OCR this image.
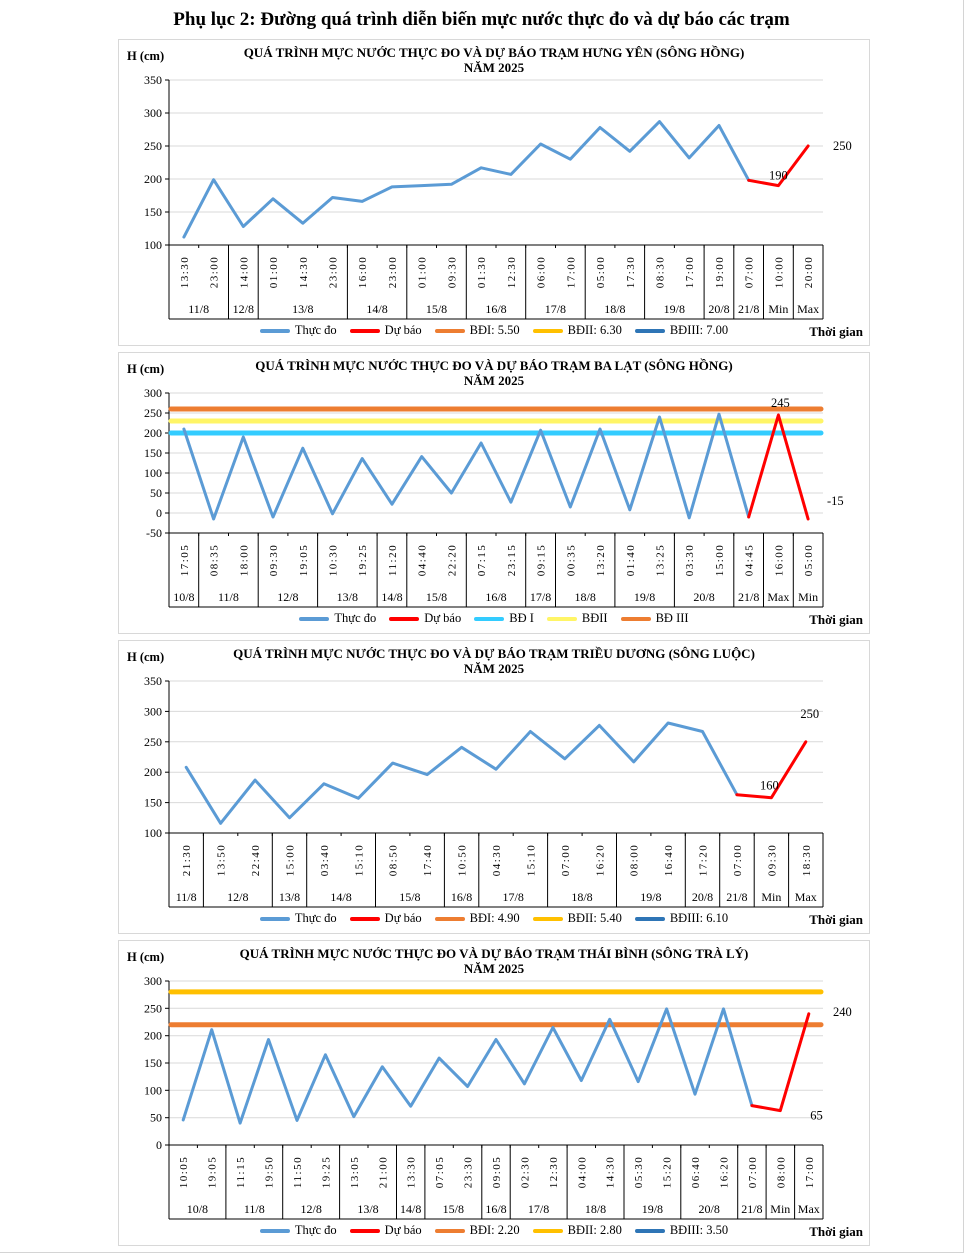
Phụ lục 2: Đường quá trình diễn biến mực nước thực đo và dự báo các trạm
H (cm)	QUÁ TRÌNH MỰC NƯỚC THỰC ĐO VÀ DỰ BÁO TRẠM HƯNG YÊN (SÔNG HỒNG)
NĂM 2025
100
150
200
250
300
350
11/8
13:30 23:00
12/8
14:00
13/8
01:00 14:30 23:00
14/8
16:00 23:00
15/8
01:00 09:30
16/8
01:30 12:30
17/8
06:00 17:00
18/8
05:00 17:30
19/8
08:30 17:00
20/8
19:00
21/8
07:00
Min
10:00
Max
20:00
190
250
Thực đo	Dự báo	BĐI: 5.50	BĐII: 6.30	BĐIII: 7.00	Thời gian
H (cm)	QUÁ TRÌNH MỰC NƯỚC THỰC ĐO VÀ DỰ BÁO TRẠM BA LẠT (SÔNG HỒNG)
NĂM 2025
-50
0
50
100
150
200
250
300
10/8
17:05
11/8
08:35 18:00
12/8
09:30 19:05
13/8
10:30 19:25
14/8
11:20
15/8
04:40 22:20
16/8
07:15 23:15
17/8
09:15
18/8
00:35 13:20
19/8
01:40 13:25
20/8
03:30 15:00
21/8
04:45
Max
16:00
Min
05:00
245
-15
Thực đo	Dự báo	BĐ I	BĐII	BĐ III	Thời gian
H (cm)	QUÁ TRÌNH MỰC NƯỚC THỰC ĐO VÀ DỰ BÁO TRẠM TRIỀU DƯƠNG (SÔNG LUỘC)
NĂM 2025
100
150
200
250
300
350
11/8
21:30
12/8
13:50 22:40
13/8
15:00
14/8
03:40 15:10
15/8
08:50 17:40
16/8
10:50
17/8
04:30 15:10
18/8
07:00 16:20
19/8
08:00 16:40
20/8
17:20
21/8
07:00
Min
09:30
Max
18:30
160
250
Thực đo	Dự báo	BĐI: 4.90	BĐII: 5.40	BĐIII: 6.10	Thời gian
H (cm)	QUÁ TRÌNH MỰC NƯỚC THỰC ĐO VÀ DỰ BÁO TRẠM THÁI BÌNH (SÔNG TRÀ LÝ)
NĂM 2025
0
50
100
150
200
250
300
10/8
10:05 19:05
11/8
11:15 19:50
12/8
11:50 19:25
13/8
13:05 21:00
14/8
13:30
15/8
07:05 23:30
16/8
09:05
17/8
02:30 12:30
18/8
04:00 14:30
19/8
05:30 15:20
20/8
06:40 16:20
21/8
07:00
Min
08:00
Max
17:00
240
65
Thực đo	Dự báo	BĐI: 2.20	BĐII: 2.80	BĐIII: 3.50	Thời gian
